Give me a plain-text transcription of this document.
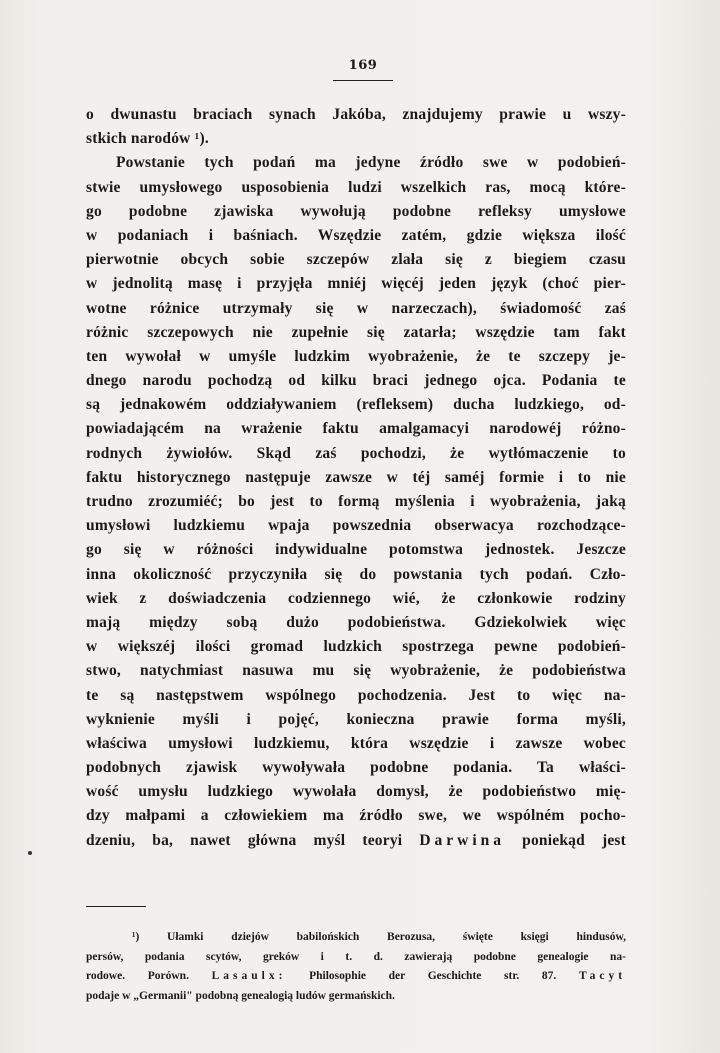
169
o dwunastu braciach synach Jakóba, znajdujemy prawie u wszy-
stkich narodów ¹).
Powstanie tych podań ma jedyne źródło swe w podobień-
stwie umysłowego usposobienia ludzi wszelkich ras, mocą które-
go podobne zjawiska wywołują podobne refleksy umysłowe
w podaniach i baśniach. Wszędzie zatém, gdzie większa ilość
pierwotnie obcych sobie szczepów zlała się z biegiem czasu
w jednolitą masę i przyjęła mniéj więcéj jeden język (choć pier-
wotne różnice utrzymały się w narzeczach), świadomość zaś
różnic szczepowych nie zupełnie się zatarła; wszędzie tam fakt
ten wywołał w umyśle ludzkim wyobrażenie, że te szczepy je-
dnego narodu pochodzą od kilku braci jednego ojca. Podania te
są jednakowém oddziaływaniem (refleksem) ducha ludzkiego, od-
powiadającém na wrażenie faktu amalgamacyi narodowéj różno-
rodnych żywiołów. Skąd zaś pochodzi, że wytłómaczenie to
faktu historycznego następuje zawsze w téj saméj formie i to nie
trudno zrozumiéć; bo jest to formą myślenia i wyobrażenia, jaką
umysłowi ludzkiemu wpaja powszednia obserwacya rozchodzące-
go się w różności indywidualne potomstwa jednostek. Jeszcze
inna okoliczność przyczyniła się do powstania tych podań. Czło-
wiek z doświadczenia codziennego wié, że członkowie rodziny
mają między sobą dużo podobieństwa. Gdziekolwiek więc
w większéj ilości gromad ludzkich spostrzega pewne podobień-
stwo, natychmiast nasuwa mu się wyobrażenie, że podobieństwa
te są następstwem wspólnego pochodzenia. Jest to więc na-
wyknienie myśli i pojęć, konieczna prawie forma myśli,
właściwa umysłowi ludzkiemu, która wszędzie i zawsze wobec
podobnych zjawisk wywoływała podobne podania. Ta właści-
wość umysłu ludzkiego wywołała domysł, że podobieństwo mię-
dzy małpami a człowiekiem ma źródło swe, we wspólném pocho-
dzeniu, ba, nawet główna myśl teoryi Darwina poniekąd jest
¹) Ułamki dziejów babilońskich Berozusa, święte księgi hindusów,
persów, podania scytów, greków i t. d. zawierają podobne genealogie na-
rodowe. Porówn. Lasaulx: Philosophie der Geschichte str. 87. Tacyt
podaje w „Germanii" podobną genealogią ludów germańskich.
